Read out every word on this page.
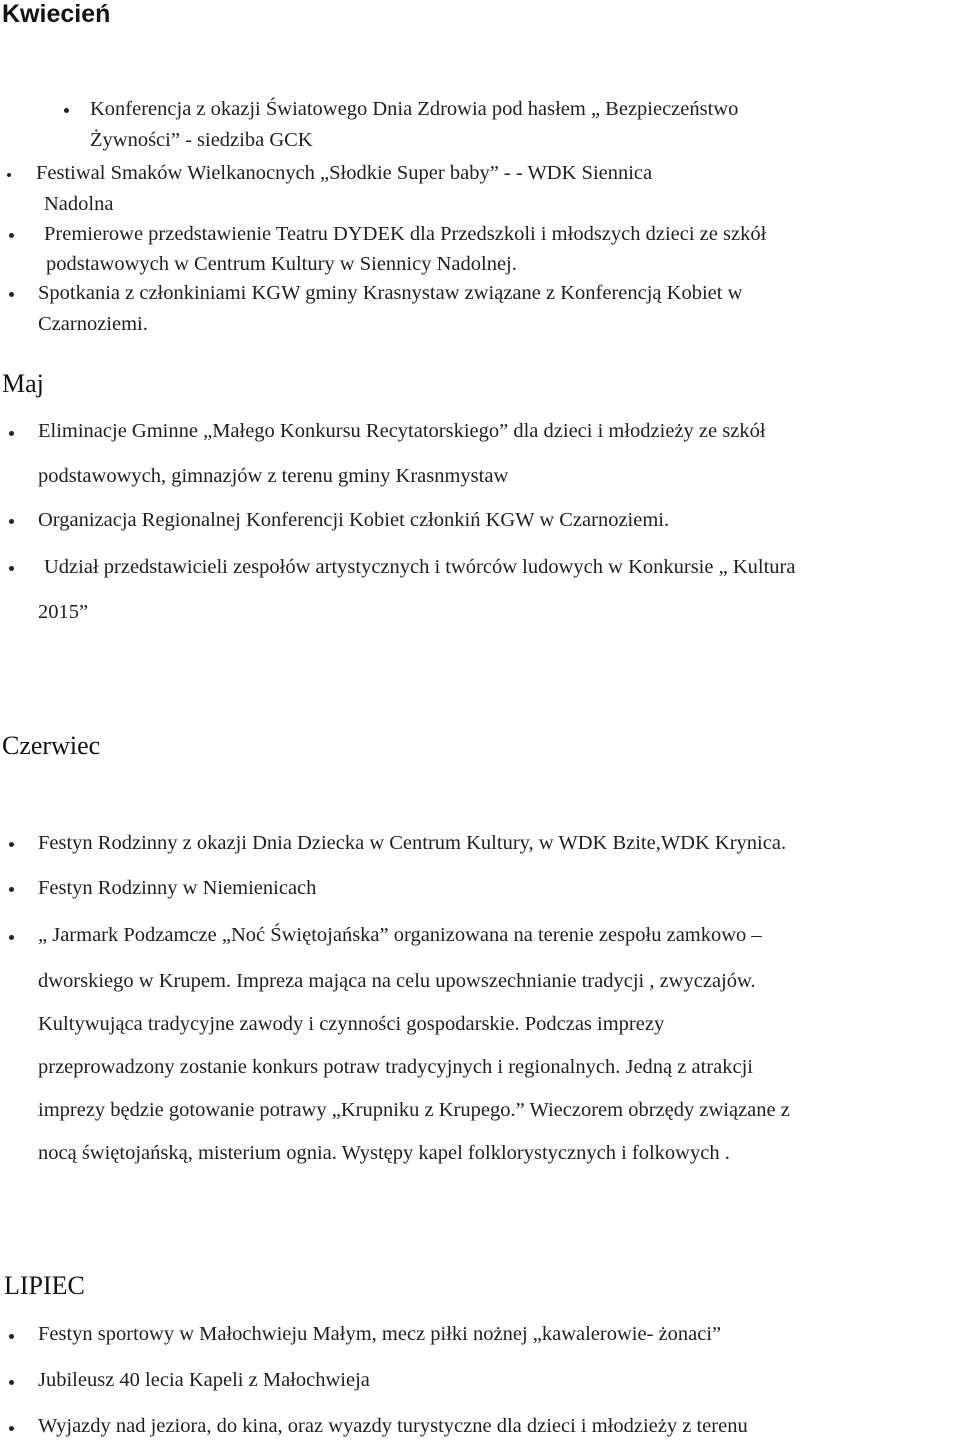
Kwiecień
Konferencja z okazji Światowego Dnia Zdrowia pod hasłem „ Bezpieczeństwo
Żywności” - siedziba GCK
Festiwal Smaków Wielkanocnych „Słodkie Super baby” - - WDK Siennica
Nadolna
Premierowe przedstawienie Teatru DYDEK dla Przedszkoli i młodszych dzieci ze szkół
podstawowych w Centrum Kultury w Siennicy Nadolnej.
Spotkania z członkiniami KGW gminy Krasnystaw związane z Konferencją Kobiet w
Czarnoziemi.
Maj
Eliminacje Gminne „Małego Konkursu Recytatorskiego” dla dzieci i młodzieży ze szkół
podstawowych, gimnazjów z terenu gminy Krasnmystaw
Organizacja Regionalnej Konferencji Kobiet członkiń KGW w Czarnoziemi.
Udział przedstawicieli zespołów artystycznych i twórców ludowych w Konkursie „ Kultura
2015”
Czerwiec
Festyn Rodzinny z okazji Dnia Dziecka w Centrum Kultury, w WDK Bzite,WDK Krynica.
Festyn Rodzinny w Niemienicach
„ Jarmark Podzamcze „Noć Świętojańska” organizowana na terenie zespołu zamkowo –
dworskiego w Krupem. Impreza mająca na celu upowszechnianie tradycji , zwyczajów.
Kultywująca tradycyjne zawody i czynności gospodarskie. Podczas imprezy
przeprowadzony zostanie konkurs potraw tradycyjnych i regionalnych. Jedną z atrakcji
imprezy będzie gotowanie potrawy „Krupniku z Krupego.” Wieczorem obrzędy związane z
nocą świętojańską, misterium ognia. Występy kapel folklorystycznych i folkowych .
LIPIEC
Festyn sportowy w Małochwieju Małym, mecz piłki nożnej „kawalerowie- żonaci”
Jubileusz 40 lecia Kapeli z Małochwieja
Wyjazdy nad jeziora, do kina, oraz wyazdy turystyczne dla dzieci i młodzieży z terenu
